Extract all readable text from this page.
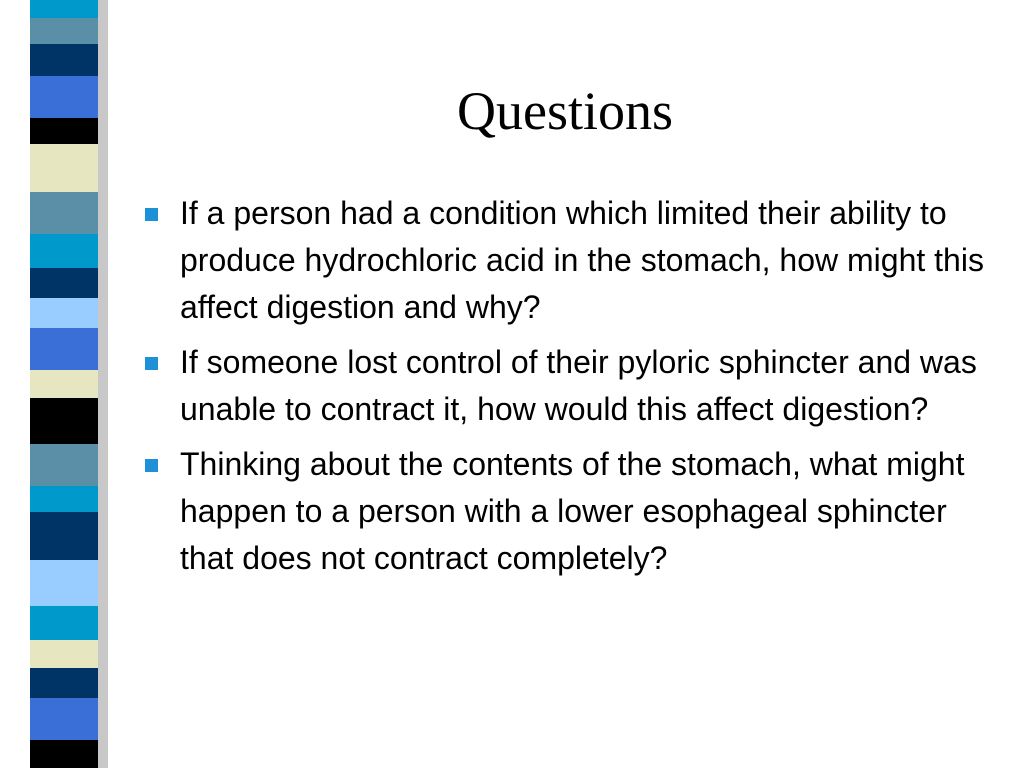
Questions
If a person had a condition which limited their ability to produce hydrochloric acid in the stomach, how might this affect digestion and why?
If someone lost control of their pyloric sphincter and was unable to contract it, how would this affect digestion?
Thinking about the contents of the stomach, what might happen to a person with a lower esophageal sphincter that does not contract completely?
